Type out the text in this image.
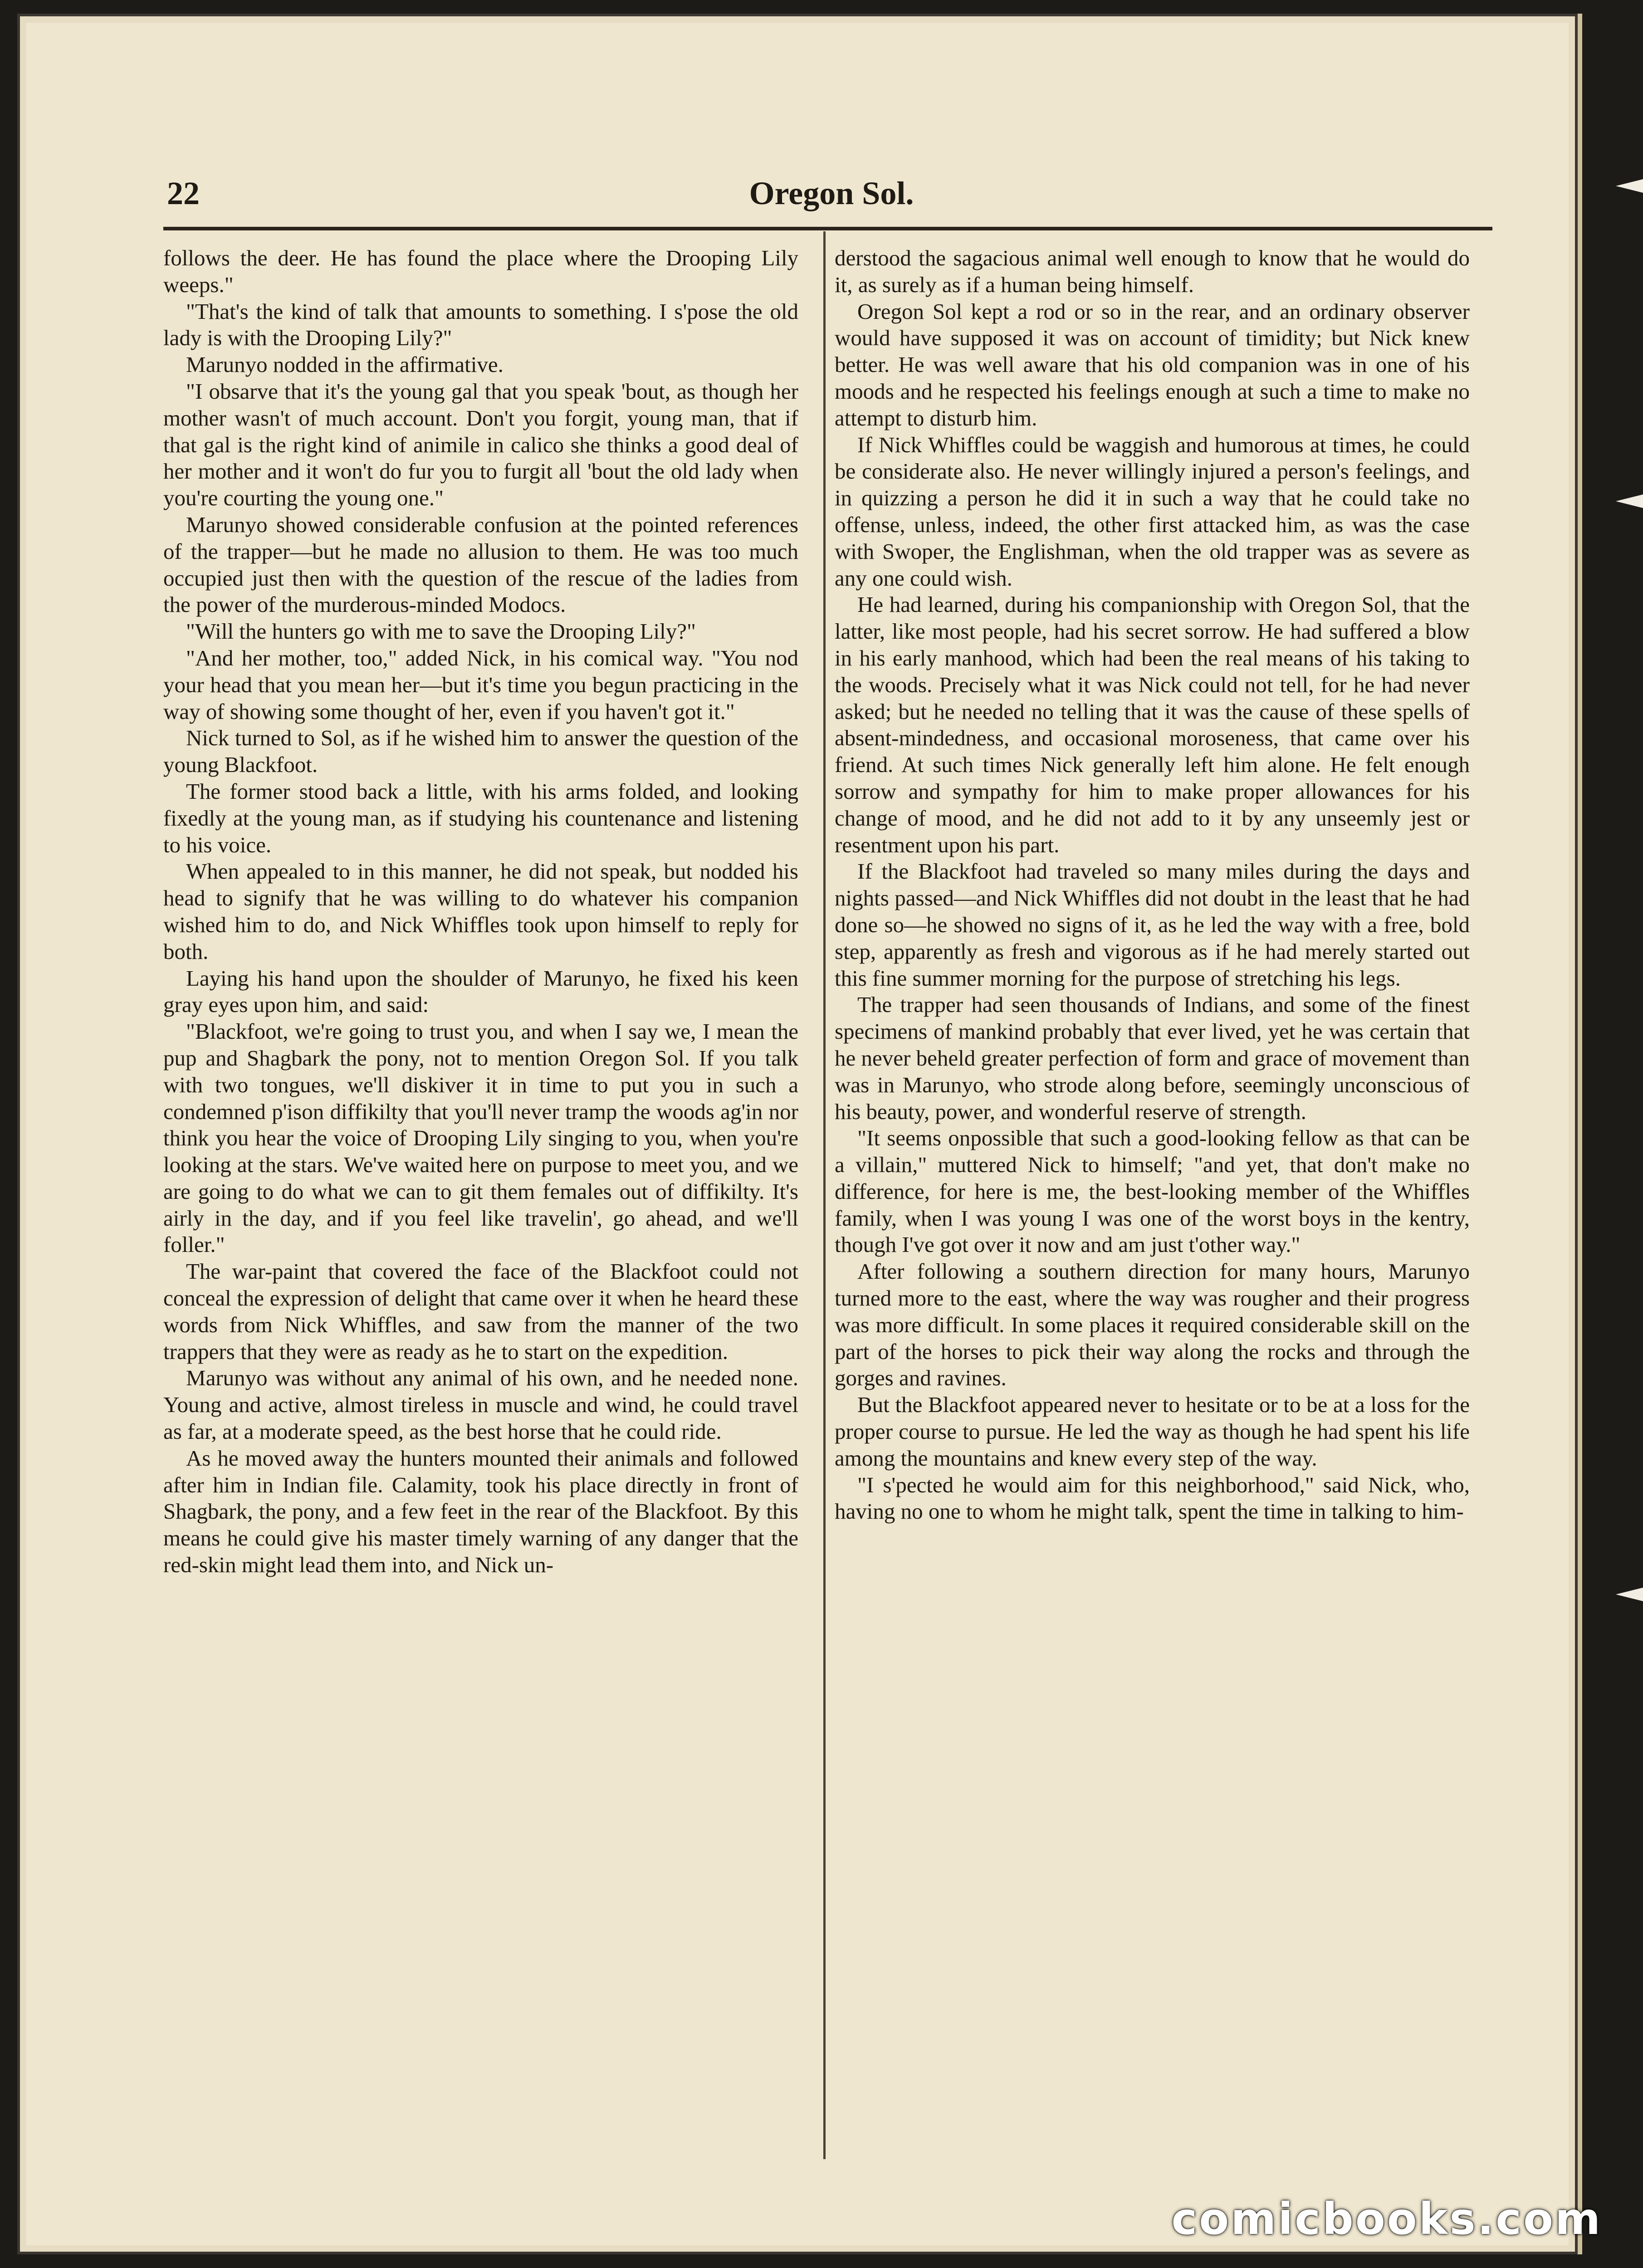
22	Oregon Sol.

follows the deer. He has found the place where the Drooping Lily weeps."

"That's the kind of talk that amounts to something. I s'pose the old lady is with the Drooping Lily?"

Marunyo nodded in the affirmative.

"I obsarve that it's the young gal that you speak 'bout, as though her mother wasn't of much account. Don't you forgit, young man, that if that gal is the right kind of animile in calico she thinks a good deal of her mother and it won't do fur you to furgit all 'bout the old lady when you're courting the young one."

Marunyo showed considerable confusion at the pointed references of the trapper—but he made no allusion to them. He was too much occupied just then with the question of the rescue of the ladies from the power of the murderous-minded Modocs.

"Will the hunters go with me to save the Drooping Lily?"

"And her mother, too," added Nick, in his comical way. "You nod your head that you mean her—but it's time you begun practicing in the way of showing some thought of her, even if you haven't got it."

Nick turned to Sol, as if he wished him to answer the question of the young Blackfoot.

The former stood back a little, with his arms folded, and looking fixedly at the young man, as if studying his countenance and listening to his voice.

When appealed to in this manner, he did not speak, but nodded his head to signify that he was willing to do whatever his companion wished him to do, and Nick Whiffles took upon himself to reply for both.

Laying his hand upon the shoulder of Marunyo, he fixed his keen gray eyes upon him, and said:

"Blackfoot, we're going to trust you, and when I say we, I mean the pup and Shagbark the pony, not to mention Oregon Sol. If you talk with two tongues, we'll diskiver it in time to put you in such a condemned p'ison diffikilty that you'll never tramp the woods ag'in nor think you hear the voice of Drooping Lily singing to you, when you're looking at the stars. We've waited here on purpose to meet you, and we are going to do what we can to git them females out of diffikilty. It's airly in the day, and if you feel like travelin', go ahead, and we'll foller."

The war-paint that covered the face of the Blackfoot could not conceal the expression of delight that came over it when he heard these words from Nick Whiffles, and saw from the manner of the two trappers that they were as ready as he to start on the expedition.

Marunyo was without any animal of his own, and he needed none. Young and active, almost tireless in muscle and wind, he could travel as far, at a moderate speed, as the best horse that he could ride.

As he moved away the hunters mounted their animals and followed after him in Indian file. Calamity, took his place directly in front of Shagbark, the pony, and a few feet in the rear of the Blackfoot. By this means he could give his master timely warning of any danger that the red-skin might lead them into, and Nick un-

derstood the sagacious animal well enough to know that he would do it, as surely as if a human being himself.

Oregon Sol kept a rod or so in the rear, and an ordinary observer would have supposed it was on account of timidity; but Nick knew better. He was well aware that his old companion was in one of his moods and he respected his feelings enough at such a time to make no attempt to disturb him.

If Nick Whiffles could be waggish and humorous at times, he could be considerate also. He never willingly injured a person's feelings, and in quizzing a person he did it in such a way that he could take no offense, unless, indeed, the other first attacked him, as was the case with Swoper, the Englishman, when the old trapper was as severe as any one could wish.

He had learned, during his companionship with Oregon Sol, that the latter, like most people, had his secret sorrow. He had suffered a blow in his early manhood, which had been the real means of his taking to the woods. Precisely what it was Nick could not tell, for he had never asked; but he needed no telling that it was the cause of these spells of absent-mindedness, and occasional moroseness, that came over his friend. At such times Nick generally left him alone. He felt enough sorrow and sympathy for him to make proper allowances for his change of mood, and he did not add to it by any unseemly jest or resentment upon his part.

If the Blackfoot had traveled so many miles during the days and nights passed—and Nick Whiffles did not doubt in the least that he had done so—he showed no signs of it, as he led the way with a free, bold step, apparently as fresh and vigorous as if he had merely started out this fine summer morning for the purpose of stretching his legs.

The trapper had seen thousands of Indians, and some of the finest specimens of mankind probably that ever lived, yet he was certain that he never beheld greater perfection of form and grace of movement than was in Marunyo, who strode along before, seemingly unconscious of his beauty, power, and wonderful reserve of strength.

"It seems onpossible that such a good-looking fellow as that can be a villain," muttered Nick to himself; "and yet, that don't make no difference, for here is me, the best-looking member of the Whiffles family, when I was young I was one of the worst boys in the kentry, though I've got over it now and am just t'other way."

After following a southern direction for many hours, Marunyo turned more to the east, where the way was rougher and their progress was more difficult. In some places it required considerable skill on the part of the horses to pick their way along the rocks and through the gorges and ravines.

But the Blackfoot appeared never to hesitate or to be at a loss for the proper course to pursue. He led the way as though he had spent his life among the mountains and knew every step of the way.

"I s'pected he would aim for this neighborhood," said Nick, who, having no one to whom he might talk, spent the time in talking to him-

comicbooks.com
